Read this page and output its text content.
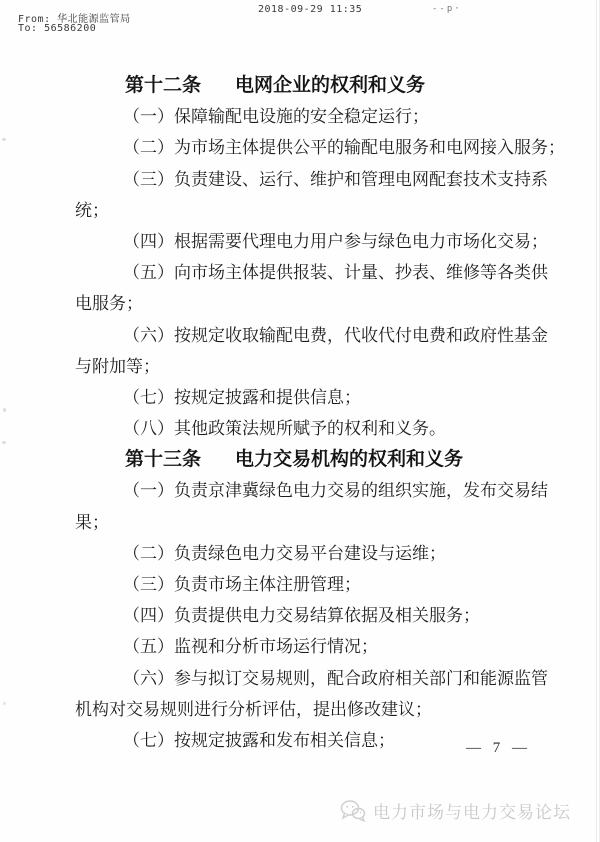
From: 华北能源监管局
To: 56586200
2018-09-29 11:35	--p·
第十二条 电网企业的权利和义务
（一）保障输配电设施的安全稳定运行；
（二）为市场主体提供公平的输配电服务和电网接入服务；
（三）负责建设、运行、维护和管理电网配套技术支持系
统；
（四）根据需要代理电力用户参与绿色电力市场化交易；
（五）向市场主体提供报装、计量、抄表、维修等各类供
电服务；
（六）按规定收取输配电费，代收代付电费和政府性基金
与附加等；
（七）按规定披露和提供信息；
（八）其他政策法规所赋予的权利和义务。
第十三条 电力交易机构的权利和义务
（一）负责京津冀绿色电力交易的组织实施，发布交易结
果；
（二）负责绿色电力交易平台建设与运维；
（三）负责市场主体注册管理；
（四）负责提供电力交易结算依据及相关服务；
（五）监视和分析市场运行情况；
（六）参与拟订交易规则，配合政府相关部门和能源监管
机构对交易规则进行分析评估，提出修改建议；
（七）按规定披露和发布相关信息；	— 7 —
电力市场与电力交易论坛
